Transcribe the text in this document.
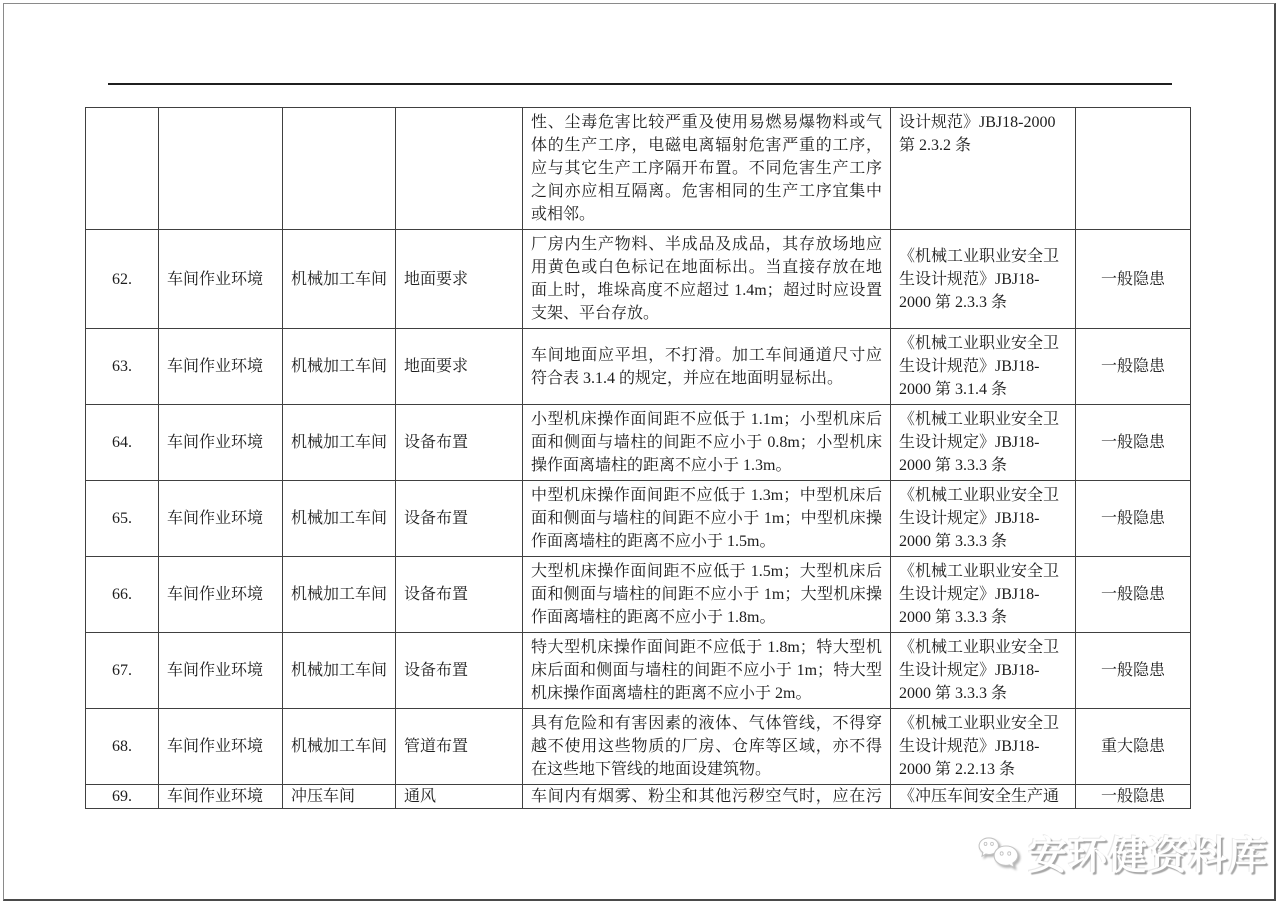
				性、尘毒危害比较严重及使用易燃易爆物料或气体的生产工序，电磁电离辐射危害严重的工序，应与其它生产工序隔开布置。不同危害生产工序之间亦应相互隔离。危害相同的生产工序宜集中或相邻。	设计规范》JBJ18-2000 第 2.3.2 条	
62.	车间作业环境	机械加工车间	地面要求	厂房内生产物料、半成品及成品，其存放场地应用黄色或白色标记在地面标出。当直接存放在地面上时，堆垛高度不应超过 1.4m；超过时应设置支架、平台存放。	《机械工业职业安全卫生设计规范》JBJ18-2000 第 2.3.3 条	一般隐患
63.	车间作业环境	机械加工车间	地面要求	车间地面应平坦，不打滑。加工车间通道尺寸应符合表 3.1.4 的规定，并应在地面明显标出。	《机械工业职业安全卫生设计规范》JBJ18-2000 第 3.1.4 条	一般隐患
64.	车间作业环境	机械加工车间	设备布置	小型机床操作面间距不应低于 1.1m；小型机床后面和侧面与墙柱的间距不应小于 0.8m；小型机床操作面离墙柱的距离不应小于 1.3m。	《机械工业职业安全卫生设计规定》JBJ18-2000 第 3.3.3 条	一般隐患
65.	车间作业环境	机械加工车间	设备布置	中型机床操作面间距不应低于 1.3m；中型机床后面和侧面与墙柱的间距不应小于 1m；中型机床操作面离墙柱的距离不应小于 1.5m。	《机械工业职业安全卫生设计规定》JBJ18-2000 第 3.3.3 条	一般隐患
66.	车间作业环境	机械加工车间	设备布置	大型机床操作面间距不应低于 1.5m；大型机床后面和侧面与墙柱的间距不应小于 1m；大型机床操作面离墙柱的距离不应小于 1.8m。	《机械工业职业安全卫生设计规定》JBJ18-2000 第 3.3.3 条	一般隐患
67.	车间作业环境	机械加工车间	设备布置	特大型机床操作面间距不应低于 1.8m；特大型机床后面和侧面与墙柱的间距不应小于 1m；特大型机床操作面离墙柱的距离不应小于 2m。	《机械工业职业安全卫生设计规定》JBJ18-2000 第 3.3.3 条	一般隐患
68.	车间作业环境	机械加工车间	管道布置	具有危险和有害因素的液体、气体管线，不得穿越不使用这些物质的厂房、仓库等区域，亦不得在这些地下管线的地面设建筑物。	《机械工业职业安全卫生设计规范》JBJ18-2000 第 2.2.13 条	重大隐患
69.	车间作业环境	冲压车间	通风	车间内有烟雾、粉尘和其他污秽空气时，应在污	《冲压车间安全生产通	一般隐患
安环健资料库
